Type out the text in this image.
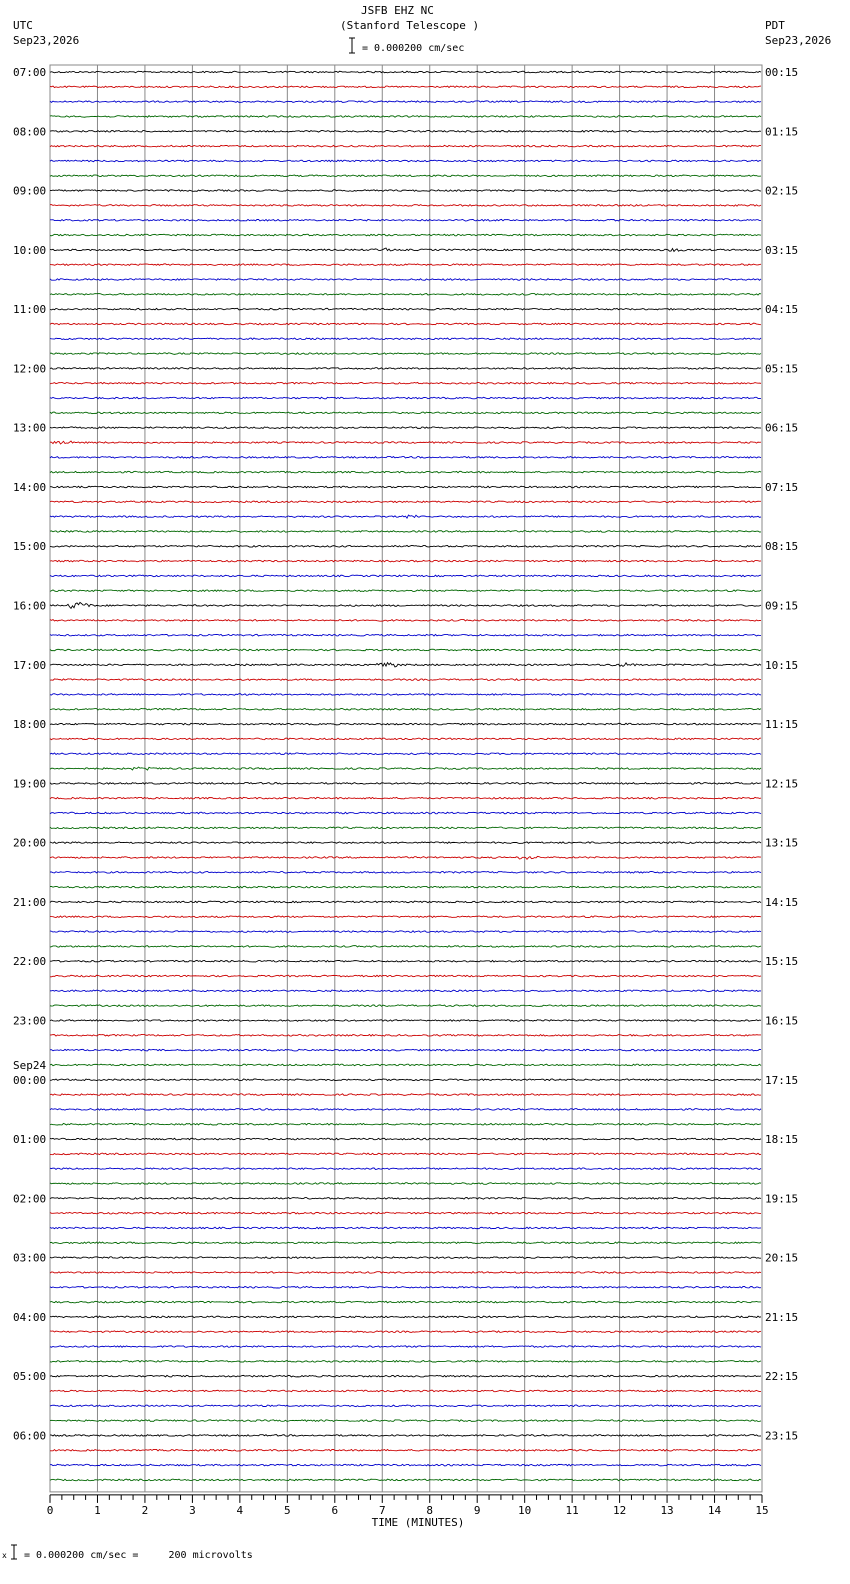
JSFB EHZ NC
(Stanford Telescope )
= 0.000200 cm/sec
UTC
Sep23,2026
PDT
Sep23,2026
07:00
08:00
09:00
10:00
11:00
12:00
13:00
14:00
15:00
16:00
17:00
18:00
19:00
20:00
21:00
22:00
23:00
00:00
01:00
02:00
03:00
04:00
05:00
06:00
00:15
01:15
02:15
03:15
04:15
05:15
06:15
07:15
08:15
09:15
10:15
11:15
12:15
13:15
14:15
15:15
16:15
17:15
18:15
19:15
20:15
21:15
22:15
23:15
Sep24
0	1	2	3	4	5	6	7	8	9	10	11	12	13	14	15
TIME (MINUTES)
x = 0.000200 cm/sec =     200 microvolts
